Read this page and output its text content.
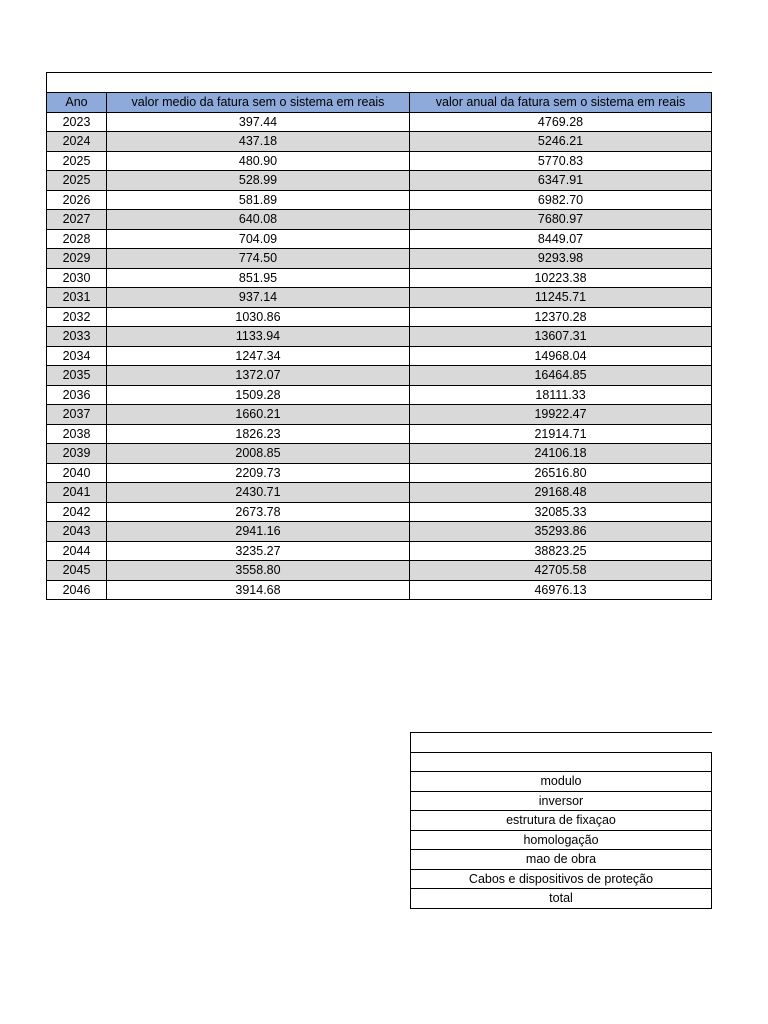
Ano	valor medio da fatura sem o sistema em reais	valor anual da fatura sem o sistema em reais
2023	397.44	4769.28
2024	437.18	5246.21
2025	480.90	5770.83
2025	528.99	6347.91
2026	581.89	6982.70
2027	640.08	7680.97
2028	704.09	8449.07
2029	774.50	9293.98
2030	851.95	10223.38
2031	937.14	11245.71
2032	1030.86	12370.28
2033	1133.94	13607.31
2034	1247.34	14968.04
2035	1372.07	16464.85
2036	1509.28	18111.33
2037	1660.21	19922.47
2038	1826.23	21914.71
2039	2008.85	24106.18
2040	2209.73	26516.80
2041	2430.71	29168.48
2042	2673.78	32085.33
2043	2941.16	35293.86
2044	3235.27	38823.25
2045	3558.80	42705.58
2046	3914.68	46976.13

modulo
inversor
estrutura de fixaçao
homologação
mao de obra
Cabos e dispositivos de proteção
total
